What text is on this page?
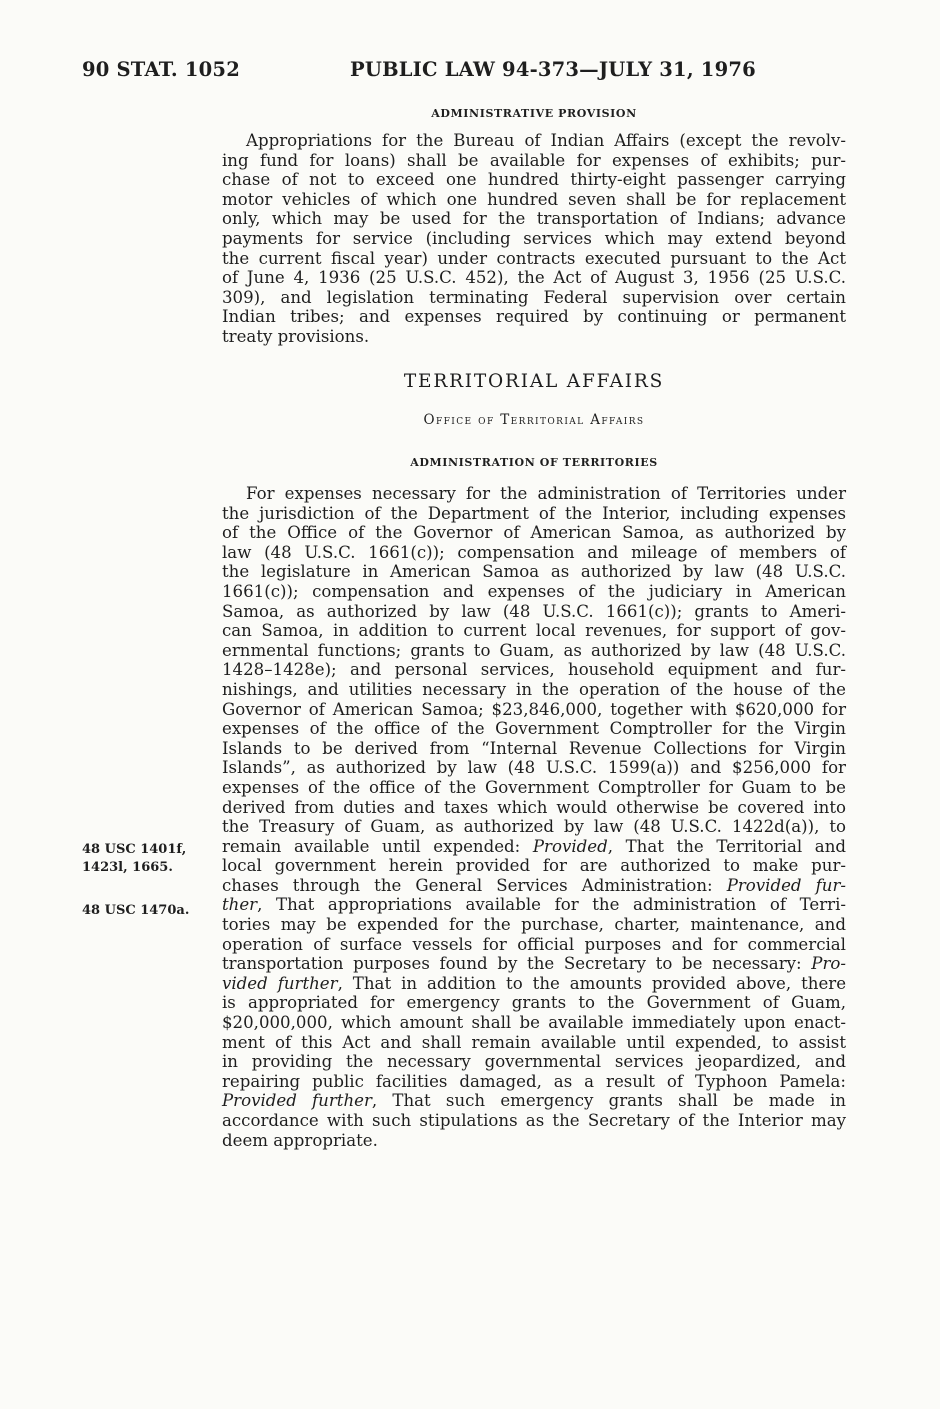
90 STAT. 1052	PUBLIC LAW 94-373—JULY 31, 1976
ADMINISTRATIVE PROVISION
Appropriations for the Bureau of Indian Affairs (except the revolv-
ing fund for loans) shall be available for expenses of exhibits; pur-
chase of not to exceed one hundred thirty-eight passenger carrying
motor vehicles of which one hundred seven shall be for replacement
only, which may be used for the transportation of Indians; advance
payments for service (including services which may extend beyond
the current fiscal year) under contracts executed pursuant to the Act
of June 4, 1936 (25 U.S.C. 452), the Act of August 3, 1956 (25 U.S.C.
309), and legislation terminating Federal supervision over certain
Indian tribes; and expenses required by continuing or permanent
treaty provisions.
TERRITORIAL AFFAIRS
Office of Territorial Affairs
ADMINISTRATION OF TERRITORIES
For expenses necessary for the administration of Territories under
the jurisdiction of the Department of the Interior, including expenses
of the Office of the Governor of American Samoa, as authorized by
law (48 U.S.C. 1661(c)); compensation and mileage of members of
the legislature in American Samoa as authorized by law (48 U.S.C.
1661(c)); compensation and expenses of the judiciary in American
Samoa, as authorized by law (48 U.S.C. 1661(c)); grants to Ameri-
can Samoa, in addition to current local revenues, for support of gov-
ernmental functions; grants to Guam, as authorized by law (48 U.S.C.
1428–1428e); and personal services, household equipment and fur-
nishings, and utilities necessary in the operation of the house of the
Governor of American Samoa; $23,846,000, together with $620,000 for
expenses of the office of the Government Comptroller for the Virgin
Islands to be derived from “Internal Revenue Collections for Virgin
Islands”, as authorized by law (48 U.S.C. 1599(a)) and $256,000 for
expenses of the office of the Government Comptroller for Guam to be
derived from duties and taxes which would otherwise be covered into
the Treasury of Guam, as authorized by law (48 U.S.C. 1422d(a)), to
remain available until expended: Provided, That the Territorial and
local government herein provided for are authorized to make pur-
chases through the General Services Administration: Provided fur-
ther, That appropriations available for the administration of Terri-
tories may be expended for the purchase, charter, maintenance, and
operation of surface vessels for official purposes and for commercial
transportation purposes found by the Secretary to be necessary: Pro-
vided further, That in addition to the amounts provided above, there
is appropriated for emergency grants to the Government of Guam,
$20,000,000, which amount shall be available immediately upon enact-
ment of this Act and shall remain available until expended, to assist
in providing the necessary governmental services jeopardized, and
repairing public facilities damaged, as a result of Typhoon Pamela:
Provided further, That such emergency grants shall be made in
accordance with such stipulations as the Secretary of the Interior may
deem appropriate.
48 USC 1401f,
1423l, 1665.
48 USC 1470a.
